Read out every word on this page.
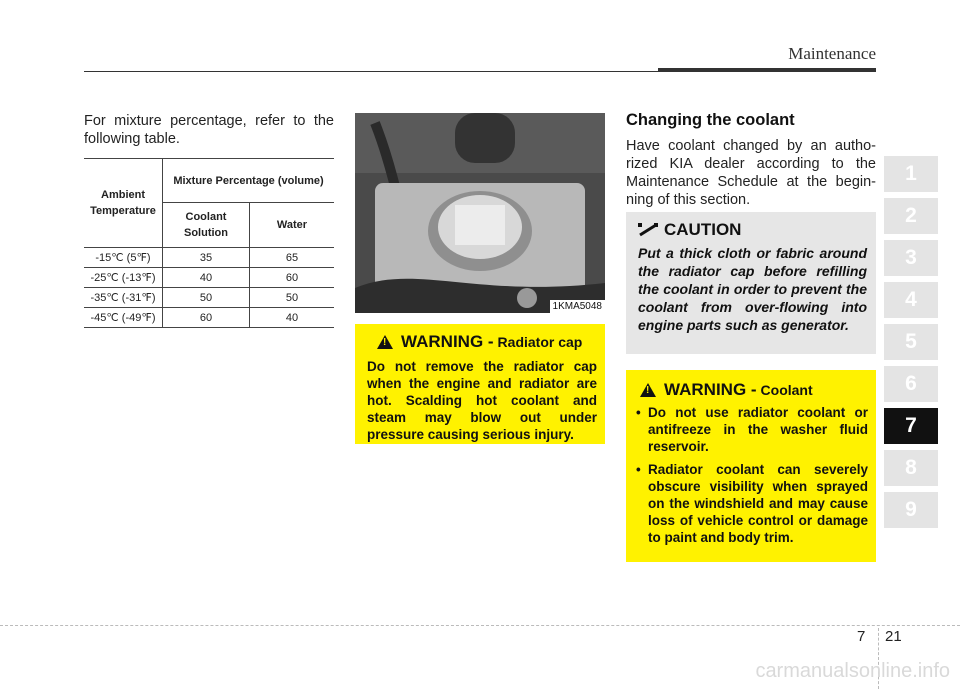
Maintenance
For mixture percentage, refer to the following table.
Ambient
Temperature	Mixture Percentage (volume)	
	Coolant
Solution	Water
-15℃ (5℉)	35	65
-25℃ (-13℉)	40	60
-35℃ (-31℉)	50	50
-45℃ (-49℉)	60	40
1KMA5048
!
WARNING - Radiator cap
Do not remove the radiator cap when the engine and radiator are hot. Scalding hot coolant and steam may blow out under pressure causing serious injury.
Changing the coolant
Have coolant changed by an autho-rized KIA dealer according to the Maintenance Schedule at the begin-ning of this section.
CAUTION
Put a thick cloth or fabric around the radiator cap before refilling the coolant in order to prevent the coolant from over-flowing into engine parts such as generator.
!
WARNING - Coolant
• Do not use radiator coolant or antifreeze in the washer fluid reservoir.
• Radiator coolant can severely obscure visibility when sprayed on the windshield and may cause loss of vehicle control or damage to paint and body trim.
1
2
3
4
5
6
7
8
9
7 21
carmanualsonline.info
